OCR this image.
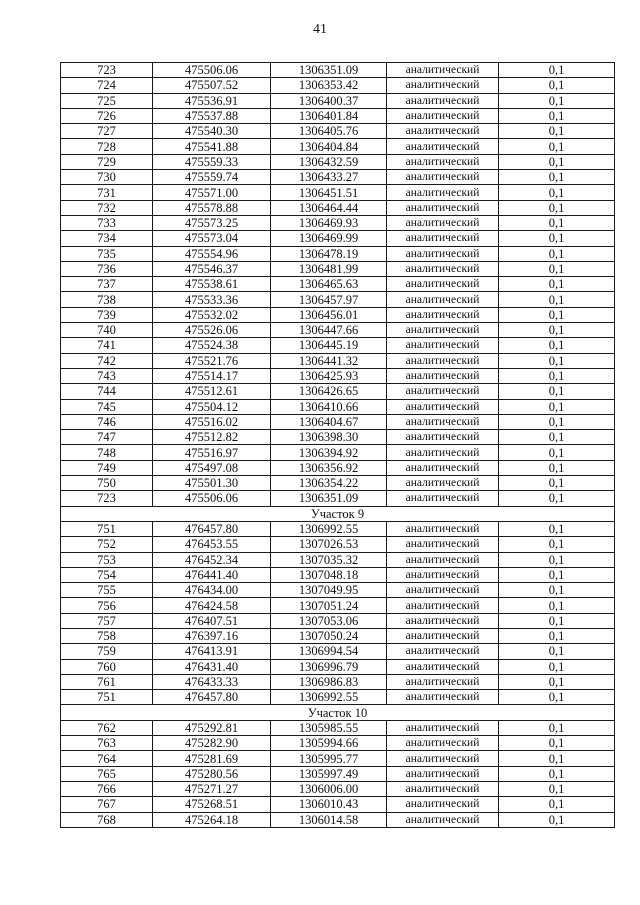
41
723	475506.06	1306351.09	аналитический	0,1
724	475507.52	1306353.42	аналитический	0,1
725	475536.91	1306400.37	аналитический	0,1
726	475537.88	1306401.84	аналитический	0,1
727	475540.30	1306405.76	аналитический	0,1
728	475541.88	1306404.84	аналитический	0,1
729	475559.33	1306432.59	аналитический	0,1
730	475559.74	1306433.27	аналитический	0,1
731	475571.00	1306451.51	аналитический	0,1
732	475578.88	1306464.44	аналитический	0,1
733	475573.25	1306469.93	аналитический	0,1
734	475573.04	1306469.99	аналитический	0,1
735	475554.96	1306478.19	аналитический	0,1
736	475546.37	1306481.99	аналитический	0,1
737	475538.61	1306465.63	аналитический	0,1
738	475533.36	1306457.97	аналитический	0,1
739	475532.02	1306456.01	аналитический	0,1
740	475526.06	1306447.66	аналитический	0,1
741	475524.38	1306445.19	аналитический	0,1
742	475521.76	1306441.32	аналитический	0,1
743	475514.17	1306425.93	аналитический	0,1
744	475512.61	1306426.65	аналитический	0,1
745	475504.12	1306410.66	аналитический	0,1
746	475516.02	1306404.67	аналитический	0,1
747	475512.82	1306398.30	аналитический	0,1
748	475516.97	1306394.92	аналитический	0,1
749	475497.08	1306356.92	аналитический	0,1
750	475501.30	1306354.22	аналитический	0,1
723	475506.06	1306351.09	аналитический	0,1
Участок 9				
751	476457.80	1306992.55	аналитический	0,1
752	476453.55	1307026.53	аналитический	0,1
753	476452.34	1307035.32	аналитический	0,1
754	476441.40	1307048.18	аналитический	0,1
755	476434.00	1307049.95	аналитический	0,1
756	476424.58	1307051.24	аналитический	0,1
757	476407.51	1307053.06	аналитический	0,1
758	476397.16	1307050.24	аналитический	0,1
759	476413.91	1306994.54	аналитический	0,1
760	476431.40	1306996.79	аналитический	0,1
761	476433.33	1306986.83	аналитический	0,1
751	476457.80	1306992.55	аналитический	0,1
Участок 10				
762	475292.81	1305985.55	аналитический	0,1
763	475282.90	1305994.66	аналитический	0,1
764	475281.69	1305995.77	аналитический	0,1
765	475280.56	1305997.49	аналитический	0,1
766	475271.27	1306006.00	аналитический	0,1
767	475268.51	1306010.43	аналитический	0,1
768	475264.18	1306014.58	аналитический	0,1
